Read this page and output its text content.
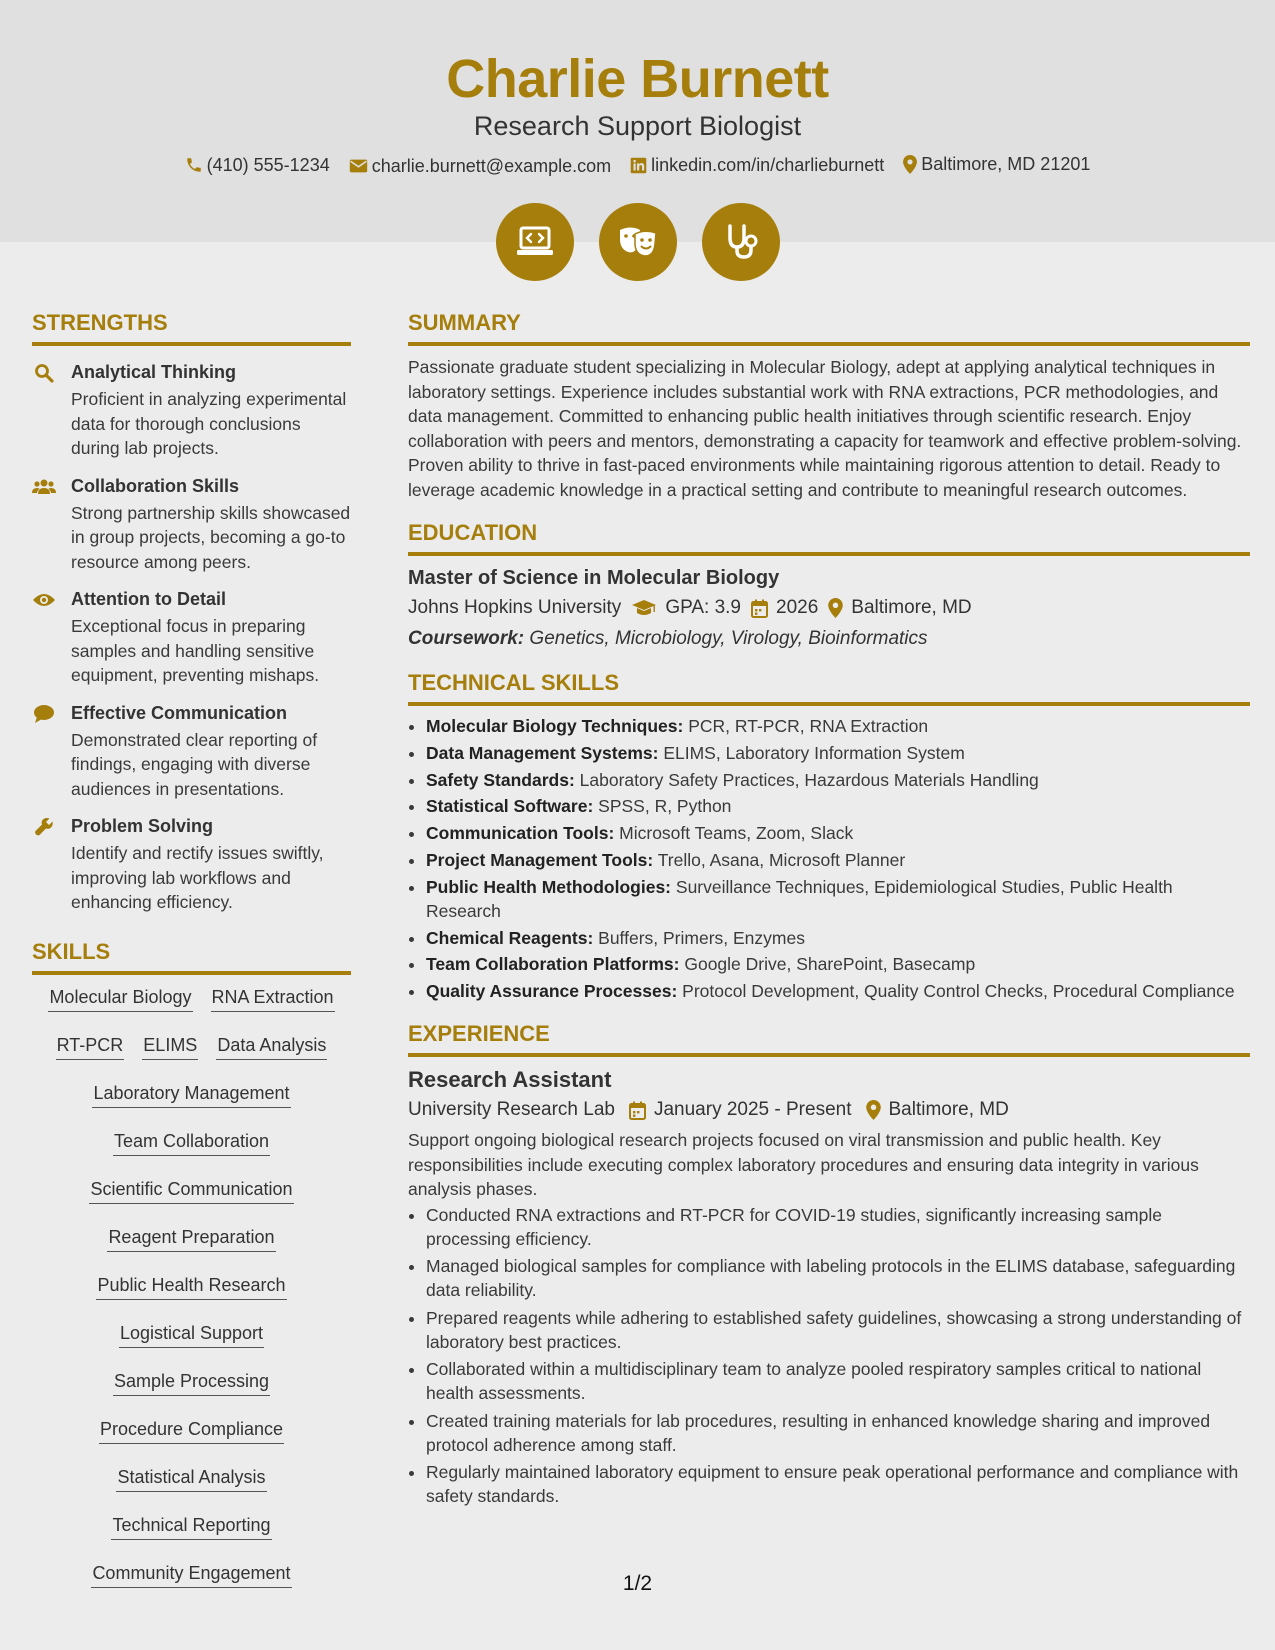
Charlie Burnett
Research Support Biologist
(410) 555-1234
charlie.burnett@example.com
linkedin.com/in/charlieburnett
Baltimore, MD 21201
STRENGTHS
Analytical Thinking
Proficient in analyzing experimental data for thorough conclusions during lab projects.
Collaboration Skills
Strong partnership skills showcased in group projects, becoming a go-to resource among peers.
Attention to Detail
Exceptional focus in preparing samples and handling sensitive equipment, preventing mishaps.
Effective Communication
Demonstrated clear reporting of findings, engaging with diverse audiences in presentations.
Problem Solving
Identify and rectify issues swiftly, improving lab workflows and enhancing efficiency.
SKILLS
Molecular Biology RNA Extraction
RT-PCR ELIMS Data Analysis
Laboratory Management
Team Collaboration
Scientific Communication
Reagent Preparation
Public Health Research
Logistical Support
Sample Processing
Procedure Compliance
Statistical Analysis
Technical Reporting
Community Engagement
SUMMARY
Passionate graduate student specializing in Molecular Biology, adept at applying analytical techniques in laboratory settings. Experience includes substantial work with RNA extractions, PCR methodologies, and data management. Committed to enhancing public health initiatives through scientific research. Enjoy collaboration with peers and mentors, demonstrating a capacity for teamwork and effective problem-solving. Proven ability to thrive in fast-paced environments while maintaining rigorous attention to detail. Ready to leverage academic knowledge in a practical setting and contribute to meaningful research outcomes.
EDUCATION
Master of Science in Molecular Biology
Johns Hopkins University GPA: 3.9 2026 Baltimore, MD
Coursework: Genetics, Microbiology, Virology, Bioinformatics
TECHNICAL SKILLS
• Molecular Biology Techniques: PCR, RT-PCR, RNA Extraction
• Data Management Systems: ELIMS, Laboratory Information System
• Safety Standards: Laboratory Safety Practices, Hazardous Materials Handling
• Statistical Software: SPSS, R, Python
• Communication Tools: Microsoft Teams, Zoom, Slack
• Project Management Tools: Trello, Asana, Microsoft Planner
• Public Health Methodologies: Surveillance Techniques, Epidemiological Studies, Public Health Research
• Chemical Reagents: Buffers, Primers, Enzymes
• Team Collaboration Platforms: Google Drive, SharePoint, Basecamp
• Quality Assurance Processes: Protocol Development, Quality Control Checks, Procedural Compliance
EXPERIENCE
Research Assistant
University Research Lab January 2025 - Present Baltimore, MD
Support ongoing biological research projects focused on viral transmission and public health. Key responsibilities include executing complex laboratory procedures and ensuring data integrity in various analysis phases.
• Conducted RNA extractions and RT-PCR for COVID-19 studies, significantly increasing sample processing efficiency.
• Managed biological samples for compliance with labeling protocols in the ELIMS database, safeguarding data reliability.
• Prepared reagents while adhering to established safety guidelines, showcasing a strong understanding of laboratory best practices.
• Collaborated within a multidisciplinary team to analyze pooled respiratory samples critical to national health assessments.
• Created training materials for lab procedures, resulting in enhanced knowledge sharing and improved protocol adherence among staff.
• Regularly maintained laboratory equipment to ensure peak operational performance and compliance with safety standards.
1/2
